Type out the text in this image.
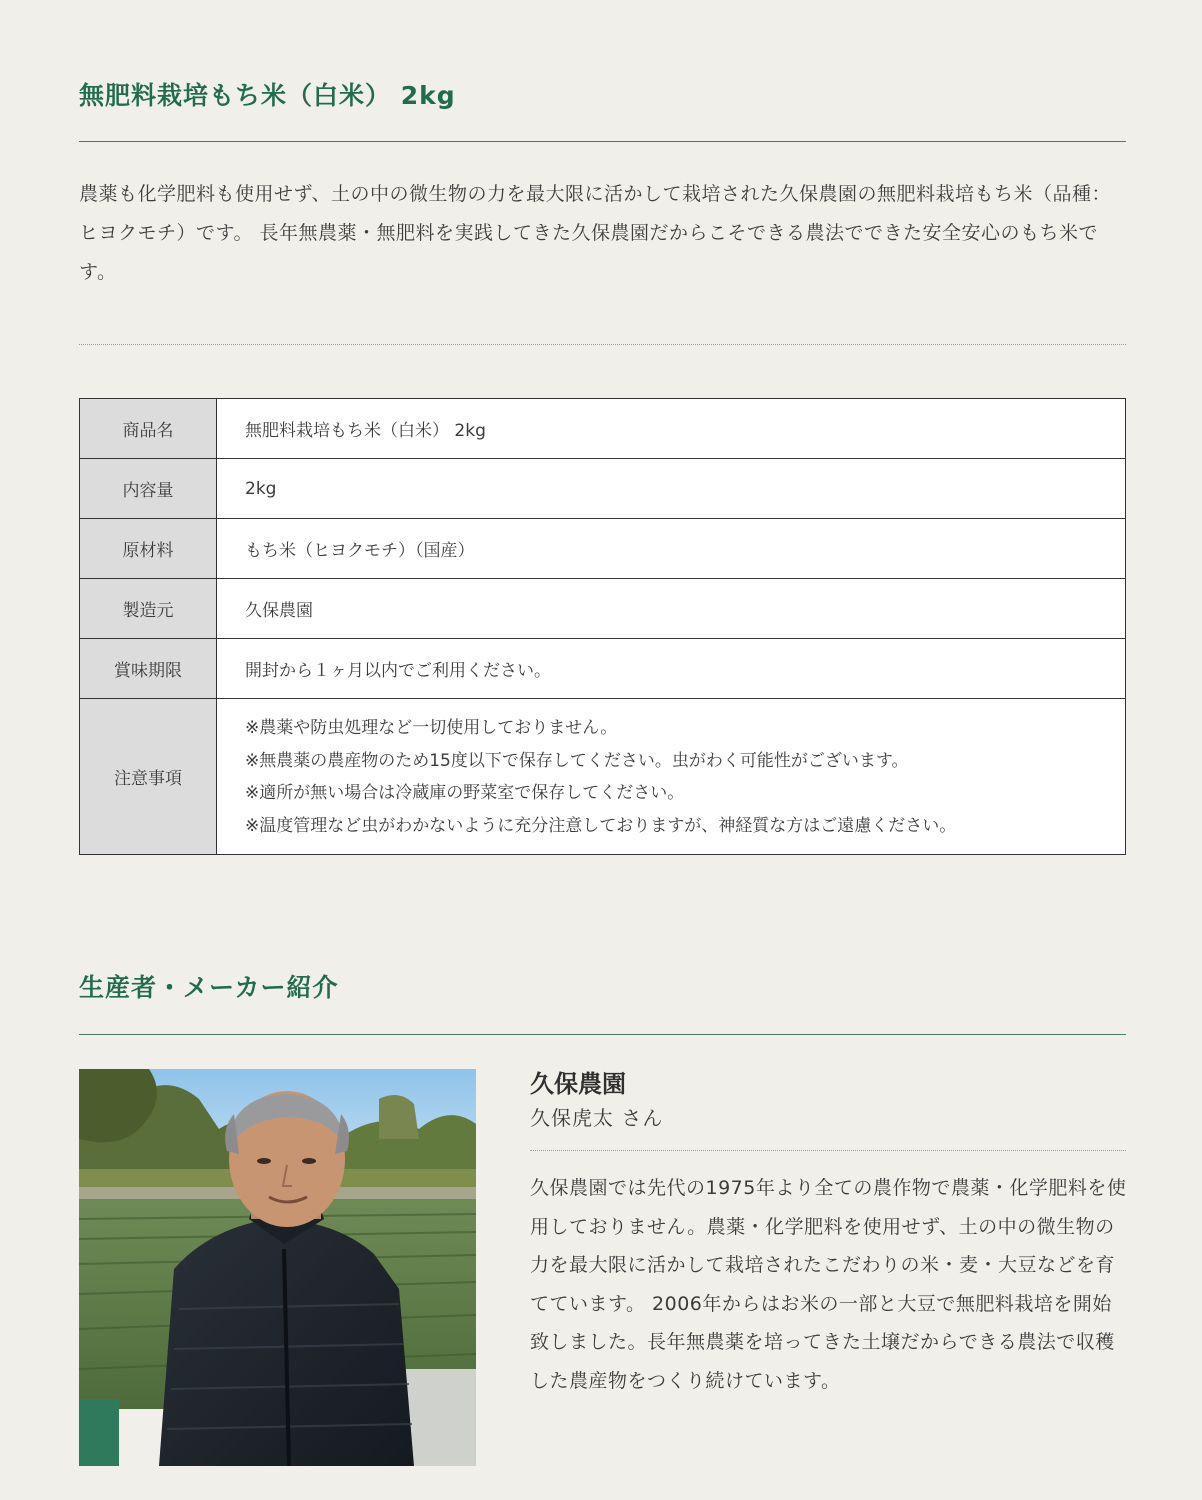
無肥料栽培もち米（白米） 2kg
農薬も化学肥料も使用せず、土の中の微生物の力を最大限に活かして栽培された久保農園の無肥料栽培もち米（品種：ヒヨクモチ）です。 長年無農薬・無肥料を実践してきた久保農園だからこそできる農法でできた安全安心のもち米です。
商品名	無肥料栽培もち米（白米） 2kg
内容量	2kg
原材料	もち米（ヒヨクモチ）（国産）
製造元	久保農園
賞味期限	開封から１ヶ月以内でご利用ください。
注意事項	※農薬や防虫処理など一切使用しておりません。
※無農薬の農産物のため15度以下で保存してください。虫がわく可能性がございます。
※適所が無い場合は冷蔵庫の野菜室で保存してください。
※温度管理など虫がわかないように充分注意しておりますが、神経質な方はご遠慮ください。
生産者・メーカー紹介
久保農園
久保虎太 さん
久保農園では先代の1975年より全ての農作物で農薬・化学肥料を使用しておりません。農薬・化学肥料を使用せず、土の中の微生物の力を最大限に活かして栽培されたこだわりの米・麦・大豆などを育てています。 2006年からはお米の一部と大豆で無肥料栽培を開始致しました。長年無農薬を培ってきた土壌だからできる農法で収穫した農産物をつくり続けています。
